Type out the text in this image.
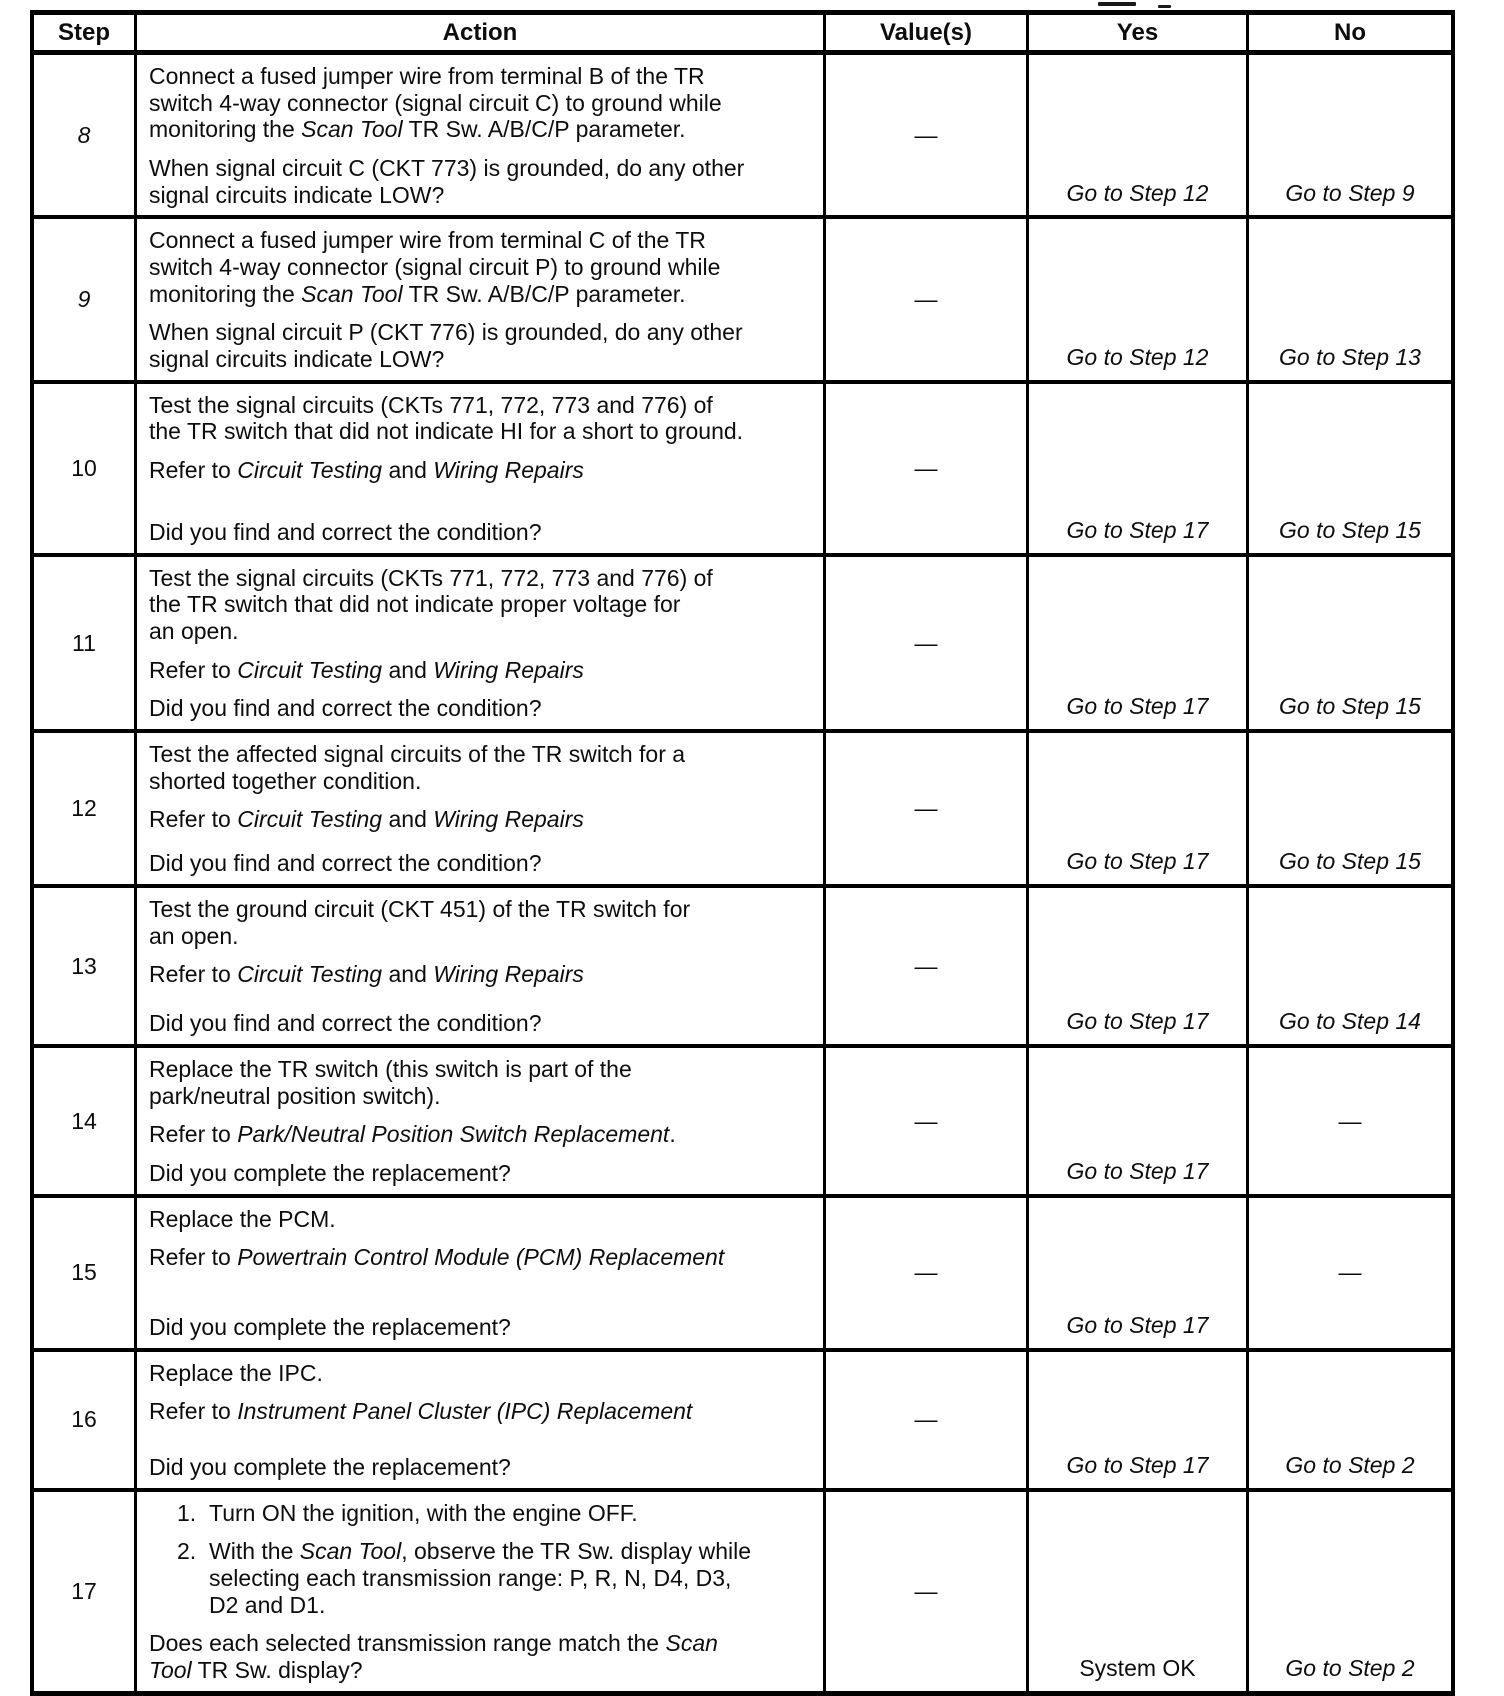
Step	Action	Value(s)	Yes	No
8

Connect a fused jumper wire from terminal B of the TR
switch 4-way connector (signal circuit C) to ground while
monitoring the Scan Tool TR Sw. A/B/C/P parameter.

When signal circuit C (CKT 773) is grounded, do any other
signal circuits indicate LOW?

—
Go to Step 12	Go to Step 9
9

Connect a fused jumper wire from terminal C of the TR
switch 4-way connector (signal circuit P) to ground while
monitoring the Scan Tool TR Sw. A/B/C/P parameter.

When signal circuit P (CKT 776) is grounded, do any other
signal circuits indicate LOW?

—
Go to Step 12	Go to Step 13
10

Test the signal circuits (CKTs 771, 772, 773 and 776) of
the TR switch that did not indicate HI for a short to ground.

Refer to Circuit Testing and Wiring Repairs

Did you find and correct the condition?

—
Go to Step 17	Go to Step 15
11

Test the signal circuits (CKTs 771, 772, 773 and 776) of
the TR switch that did not indicate proper voltage for
an open.

Refer to Circuit Testing and Wiring Repairs

Did you find and correct the condition?

—
Go to Step 17	Go to Step 15
12

Test the affected signal circuits of the TR switch for a
shorted together condition.

Refer to Circuit Testing and Wiring Repairs

Did you find and correct the condition?

—
Go to Step 17	Go to Step 15
13

Test the ground circuit (CKT 451) of the TR switch for
an open.

Refer to Circuit Testing and Wiring Repairs

Did you find and correct the condition?

—
Go to Step 17	Go to Step 14
14

Replace the TR switch (this switch is part of the
park/neutral position switch).

Refer to Park/Neutral Position Switch Replacement.

Did you complete the replacement?

—
Go to Step 17
—
15

Replace the PCM.

Refer to Powertrain Control Module (PCM) Replacement

Did you complete the replacement?

—
Go to Step 17
—
16

Replace the IPC.

Refer to Instrument Panel Cluster (IPC) Replacement

Did you complete the replacement?

—
Go to Step 17	Go to Step 2
17

1. Turn ON the ignition, with the engine OFF.

2. With the Scan Tool, observe the TR Sw. display while
selecting each transmission range: P, R, N, D4, D3,
D2 and D1.

Does each selected transmission range match the Scan
Tool TR Sw. display?

—
System OK	Go to Step 2
